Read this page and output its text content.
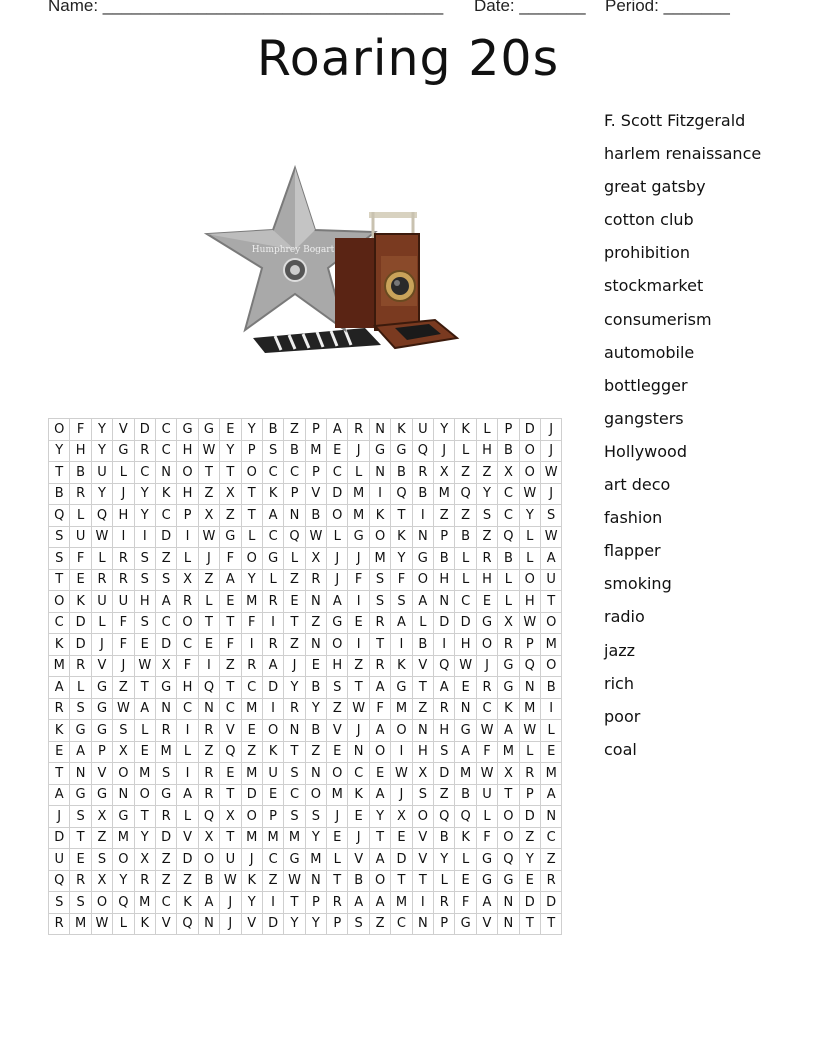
Name: ____________________________________ Date: _______ Period: _______
Roaring 20s
Humphrey Bogart
F. Scott Fitzgerald
harlem renaissance
great gatsby
cotton club
prohibition
stockmarket
consumerism
automobile
bottlegger
gangsters
Hollywood
art deco
fashion
flapper
smoking
radio
jazz
rich
poor
coal
O	F	Y	V	D	C	G	G	E	Y	B	Z	P	A	R	N	K	U	Y	K	L	P	D	J
Y	H	Y	G	R	C	H	W	Y	P	S	B	M	E	J	G	G	Q	J	L	H	B	O	J
T	B	U	L	C	N	O	T	T	O	C	C	P	C	L	N	B	R	X	Z	Z	X	O	W
B	R	Y	J	Y	K	H	Z	X	T	K	P	V	D	M	I	Q	B	M	Q	Y	C	W	J
Q	L	Q	H	Y	C	P	X	Z	T	A	N	B	O	M	K	T	I	Z	Z	S	C	Y	S
S	U	W	I	I	D	I	W	G	L	C	Q	W	L	G	O	K	N	P	B	Z	Q	L	W
S	F	L	R	S	Z	L	J	F	O	G	L	X	J	J	M	Y	G	B	L	R	B	L	A
T	E	R	R	S	S	X	Z	A	Y	L	Z	R	J	F	S	F	O	H	L	H	L	O	U
O	K	U	U	H	A	R	L	E	M	R	E	N	A	I	S	S	A	N	C	E	L	H	T
C	D	L	F	S	C	O	T	T	F	I	T	Z	G	E	R	A	L	D	D	G	X	W	O
K	D	J	F	E	D	C	E	F	I	R	Z	N	O	I	T	I	B	I	H	O	R	P	M
M	R	V	J	W	X	F	I	Z	R	A	J	E	H	Z	R	K	V	Q	W	J	G	Q	O
A	L	G	Z	T	G	H	Q	T	C	D	Y	B	S	T	A	G	T	A	E	R	G	N	B
R	S	G	W	A	N	C	N	C	M	I	R	Y	Z	W	F	M	Z	R	N	C	K	M	I
K	G	G	S	L	R	I	R	V	E	O	N	B	V	J	A	O	N	H	G	W	A	W	L
E	A	P	X	E	M	L	Z	Q	Z	K	T	Z	E	N	O	I	H	S	A	F	M	L	E
T	N	V	O	M	S	I	R	E	M	U	S	N	O	C	E	W	X	D	M	W	X	R	M
A	G	G	N	O	G	A	R	T	D	E	C	O	M	K	A	J	S	Z	B	U	T	P	A
J	S	X	G	T	R	L	Q	X	O	P	S	S	J	E	Y	X	O	Q	Q	L	O	D	N
D	T	Z	M	Y	D	V	X	T	M	M	M	Y	E	J	T	E	V	B	K	F	O	Z	C
U	E	S	O	X	Z	D	O	U	J	C	G	M	L	V	A	D	V	Y	L	G	Q	Y	Z
Q	R	X	Y	R	Z	Z	B	W	K	Z	W	N	T	B	O	T	T	L	E	G	G	E	R
S	S	O	Q	M	C	K	A	J	Y	I	T	P	R	A	A	M	I	R	F	A	N	D	D
R	M	W	L	K	V	Q	N	J	V	D	Y	Y	P	S	Z	C	N	P	G	V	N	T	T
